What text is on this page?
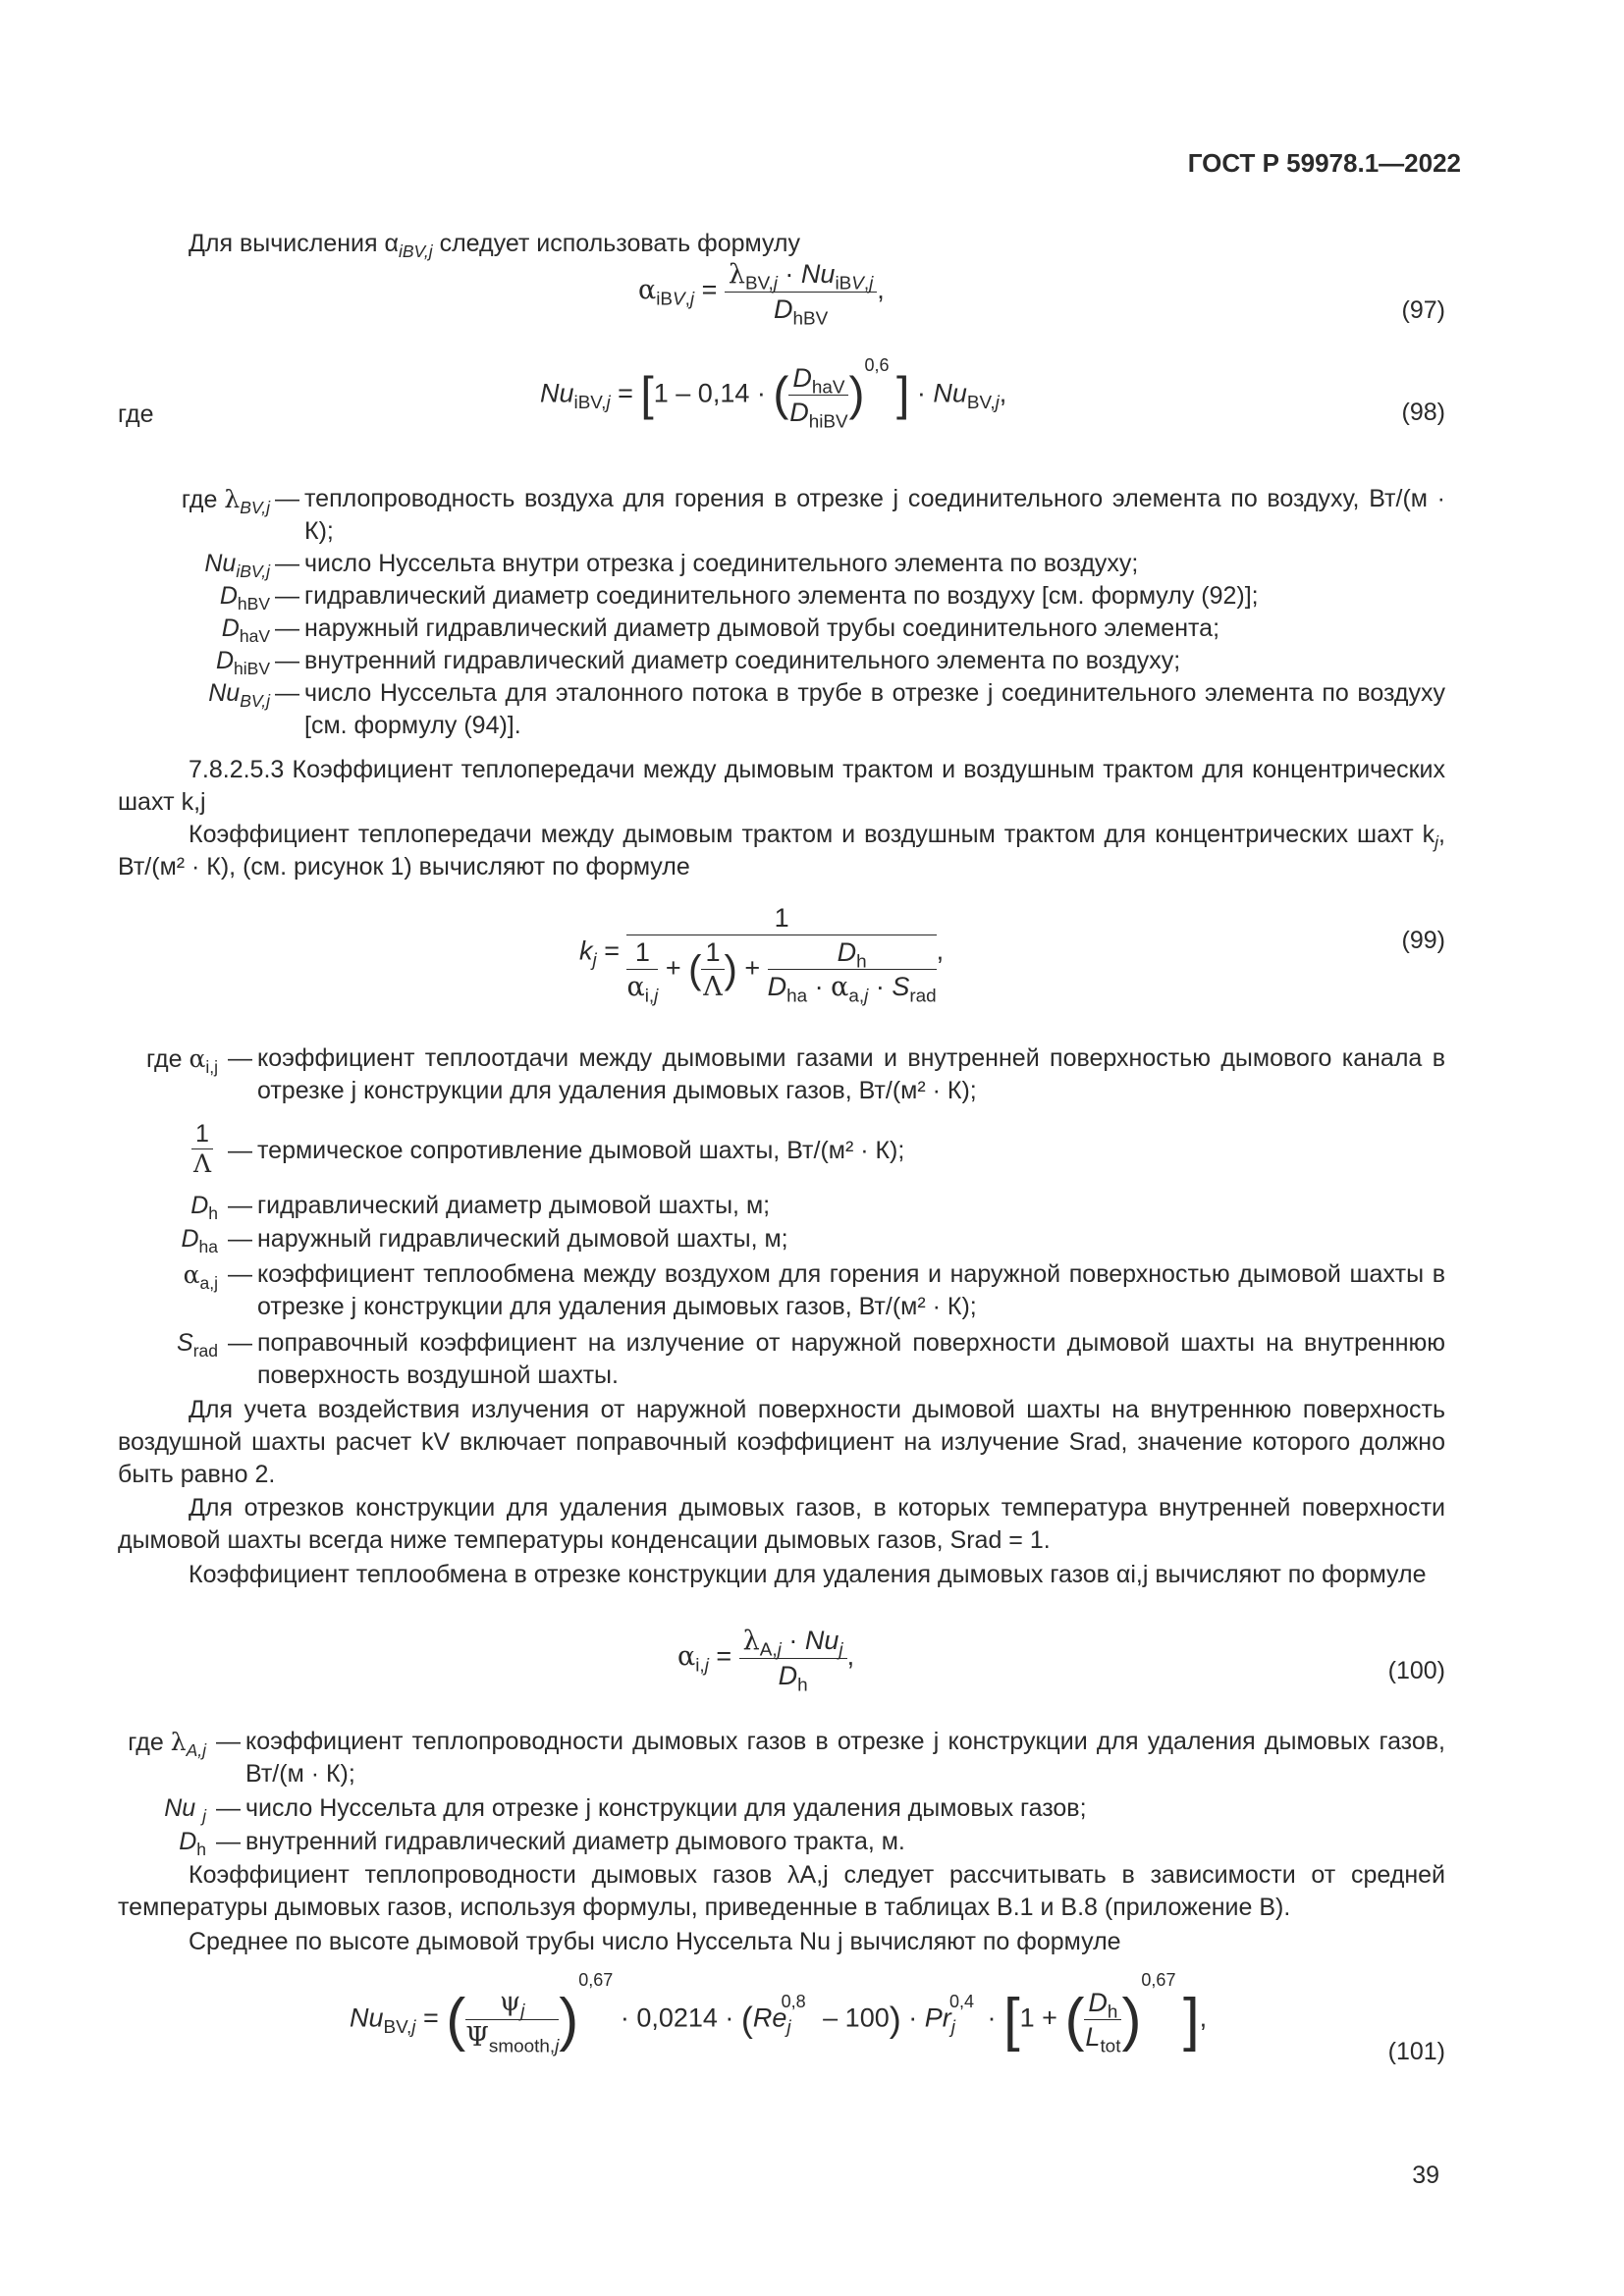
ГОСТ Р 59978.1—2022
Для вычисления $\alpha_{iBV,j}$ следует использовать формулу
$\alpha_{iBV,j} = \frac{\lambda_{BV,j} \cdot Nu_{iBV,j}}{D_{hBV}}$ ,
(97)
где
$Nu_{iBV,j} = [1 - 0,14$ · ( $\frac{D_{haV}}{D_{hiBV}} )^{0,6}$ ] · $Nu_{BV,j}$,
(98)
где $\lambda_{BV,j}$ — теплопроводность воздуха для горения в отрезке j соединительного элемента по воздуху, Вт/(м · К);
$Nu_{iBV,j}$ — число Нуссельта внутри отрезка j соединительного элемента по воздуху;
$D_{hBV}$ — гидравлический диаметр соединительного элемента по воздуху [см. формулу (92)];
$D_{haV}$ — наружный гидравлический диаметр дымовой трубы соединительного элемента;
$D_{hiBV}$ — внутренний гидравлический диаметр соединительного элемента по воздуху;
$Nu_{BV,j}$ — число Нуссельта для эталонного потока в трубе в отрезке j соединительного элемента по воздуху [см. формулу (94)].
7.8.2.5.3 Коэффициент теплопередачи между дымовым трактом и воздушным трактом для концентрических шахт k,j
Коэффициент теплопередачи между дымовым трактом и воздушным трактом для концентрических шахт $k_j$, Вт/(м² · К), (см. рисунок 1) вычисляют по формуле
$k_j = \frac{1}{\frac{1}{\alpha_{i,j}} + ( \frac{1}{\Lambda} ) + \frac{D_h}{D_{ha} \cdot \alpha_{a,j} \cdot S_{rad}}}$ ,	(99)
где $\alpha_{i,j}$ — коэффициент теплоотдачи между дымовыми газами и внутренней поверхностью дымового канала в отрезке j конструкции для удаления дымовых газов, Вт/(м² · К);
$\frac{1}{\Lambda}$ — термическое сопротивление дымовой шахты, Вт/(м² · К);
$D_h$ — гидравлический диаметр дымовой шахты, м;
$D_{ha}$ — наружный гидравлический дымовой шахты, м;
$\alpha_{a,j}$ — коэффициент теплообмена между воздухом для горения и наружной поверхностью дымовой шахты в отрезке j конструкции для удаления дымовых газов, Вт/(м² · К);
$S_{rad}$ — поправочный коэффициент на излучение от наружной поверхности дымовой шахты на внутреннюю поверхность воздушной шахты.
Для учета воздействия излучения от наружной поверхности дымовой шахты на внутреннюю поверхность воздушной шахты расчет kV включает поправочный коэффициент на излучение Srad, значение которого должно быть равно 2.
Для отрезков конструкции для удаления дымовых газов, в которых температура внутренней поверхности дымовой шахты всегда ниже температуры конденсации дымовых газов, Srad = 1.
Коэффициент теплообмена в отрезке конструкции для удаления дымовых газов αi,j вычисляют по формуле
$\alpha_{i,j} = \frac{\lambda_{A,j} \cdot Nu_j}{D_h}$ ,	(100)
где $\lambda_{A,j}$ — коэффициент теплопроводности дымовых газов в отрезке j конструкции для удаления дымовых газов, Вт/(м · К);
Nu $_j$ — число Нуссельта для отрезке j конструкции для удаления дымовых газов;
$D_h$ — внутренний гидравлический диаметр дымового тракта, м.
Коэффициент теплопроводности дымовых газов λA,j следует рассчитывать в зависимости от средней температуры дымовых газов, используя формулы, приведенные в таблицах В.1 и В.8 (приложение В).
Среднее по высоте дымовой трубы число Нуссельта Nu j вычисляют по формуле
$Nu_{BV,j}$ = ( $\frac{\psi_j}{\Psi_{smooth,j}} )^{0,67} \cdot 0,0214 \cdot (Re_j^{0,8} - 100) \cdot Pr_j^{0,4} \cdot [1$ + ( $\frac{D_h}{L_{tot}} )^{0,67}$ ],
(101)
39
